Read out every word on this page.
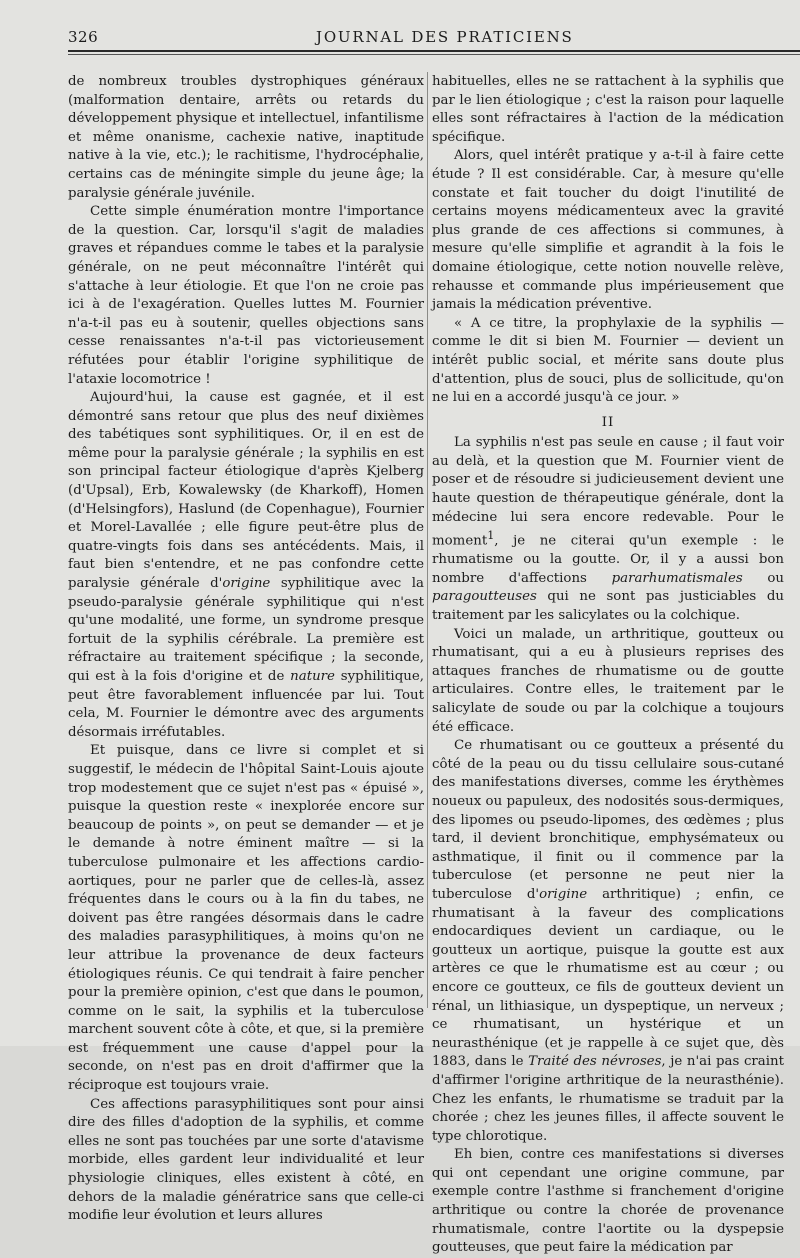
326	JOURNAL DES PRATICIENS

de nombreux troubles dystrophiques généraux (malformation dentaire, arrêts ou retards du développement physique et intellectuel, infantilisme et même onanisme, cachexie native, inaptitude native à la vie, etc.); le rachitisme, l'hydrocéphalie, certains cas de méningite simple du jeune âge; la paralysie générale juvénile.

Cette simple énumération montre l'importance de la question. Car, lorsqu'il s'agit de maladies graves et répandues comme le tabes et la paralysie générale, on ne peut méconnaître l'intérêt qui s'attache à leur étiologie. Et que l'on ne croie pas ici à de l'exagération. Quelles luttes M. Fournier n'a-t-il pas eu à soutenir, quelles objections sans cesse renaissantes n'a-t-il pas victorieusement réfutées pour établir l'origine syphilitique de l'ataxie locomotrice !

Aujourd'hui, la cause est gagnée, et il est démontré sans retour que plus des neuf dixièmes des tabétiques sont syphilitiques. Or, il en est de même pour la paralysie générale ; la syphilis en est son principal facteur étiologique d'après Kjelberg (d'Upsal), Erb, Kowalewsky (de Kharkoff), Homen (d'Helsingfors), Haslund (de Copenhague), Fournier et Morel-Lavallée ; elle figure peut-être plus de quatre-vingts fois dans ses antécédents. Mais, il faut bien s'entendre, et ne pas confondre cette paralysie générale d'origine syphilitique avec la pseudo-paralysie générale syphilitique qui n'est qu'une modalité, une forme, un syndrome presque fortuit de la syphilis cérébrale. La première est réfractaire au traitement spécifique ; la seconde, qui est à la fois d'origine et de nature syphilitique, peut être favorablement influencée par lui. Tout cela, M. Fournier le démontre avec des arguments désormais irréfutables.

Et puisque, dans ce livre si complet et si suggestif, le médecin de l'hôpital Saint-Louis ajoute trop modestement que ce sujet n'est pas « épuisé », puisque la question reste « inexplorée encore sur beaucoup de points », on peut se demander — et je le demande à notre éminent maître — si la tuberculose pulmonaire et les affections cardio-aortiques, pour ne parler que de celles-là, assez fréquentes dans le cours ou à la fin du tabes, ne doivent pas être rangées désormais dans le cadre des maladies parasyphilitiques, à moins qu'on ne leur attribue la provenance de deux facteurs étiologiques réunis. Ce qui tendrait à faire pencher pour la première opinion, c'est que dans le poumon, comme on le sait, la syphilis et la tuberculose marchent souvent côte à côte, et que, si la première est fréquemment une cause d'appel pour la seconde, on n'est pas en droit d'affirmer que la réciproque est toujours vraie.

Ces affections parasyphilitiques sont pour ainsi dire des filles d'adoption de la syphilis, et comme elles ne sont pas touchées par une sorte d'atavisme morbide, elles gardent leur individualité et leur physiologie cliniques, elles existent à côté, en dehors de la maladie génératrice sans que celle-ci modifie leur évolution et leurs allures

habituelles, elles ne se rattachent à la syphilis que par le lien étiologique ; c'est la raison pour laquelle elles sont réfractaires à l'action de la médication spécifique.

Alors, quel intérêt pratique y a-t-il à faire cette étude ? Il est considérable. Car, à mesure qu'elle constate et fait toucher du doigt l'inutilité de certains moyens médicamenteux avec la gravité plus grande de ces affections si communes, à mesure qu'elle simplifie et agrandit à la fois le domaine étiologique, cette notion nouvelle relève, rehausse et commande plus impérieusement que jamais la médication préventive.

« A ce titre, la prophylaxie de la syphilis — comme le dit si bien M. Fournier — devient un intérêt public social, et mérite sans doute plus d'attention, plus de souci, plus de sollicitude, qu'on ne lui en a accordé jusqu'à ce jour. »

II

La syphilis n'est pas seule en cause ; il faut voir au delà, et la question que M. Fournier vient de poser et de résoudre si judicieusement devient une haute question de thérapeutique générale, dont la médecine lui sera encore redevable. Pour le moment$^1$, je ne citerai qu'un exemple : le rhumatisme ou la goutte. Or, il y a aussi bon nombre d'affections pararhumatismales ou paragoutteuses qui ne sont pas justiciables du traitement par les salicylates ou la colchique.

Voici un malade, un arthritique, goutteux ou rhumatisant, qui a eu à plusieurs reprises des attaques franches de rhumatisme ou de goutte articulaires. Contre elles, le traitement par le salicylate de soude ou par la colchique a toujours été efficace.

Ce rhumatisant ou ce goutteux a présenté du côté de la peau ou du tissu cellulaire sous-cutané des manifestations diverses, comme les érythèmes noueux ou papuleux, des nodosités sous-dermiques, des lipomes ou pseudo-lipomes, des œdèmes ; plus tard, il devient bronchitique, emphysémateux ou asthmatique, il finit ou il commence par la tuberculose (et personne ne peut nier la tuberculose d'origine arthritique) ; enfin, ce rhumatisant à la faveur des complications endocardiques devient un cardiaque, ou le goutteux un aortique, puisque la goutte est aux artères ce que le rhumatisme est au cœur ; ou encore ce goutteux, ce fils de goutteux devient un rénal, un lithiasique, un dyspeptique, un nerveux ; ce rhumatisant, un hystérique et un neurasthénique (et je rappelle à ce sujet que, dès 1883, dans le Traité des névroses, je n'ai pas craint d'affirmer l'origine arthritique de la neurasthénie). Chez les enfants, le rhumatisme se traduit par la chorée ; chez les jeunes filles, il affecte souvent le type chlorotique.

Eh bien, contre ces manifestations si diverses qui ont cependant une origine commune, par exemple contre l'asthme si franchement d'origine arthritique ou contre la chorée de provenance rhumatismale, contre l'aortite ou la dyspepsie goutteuses, que peut faire la médication par
